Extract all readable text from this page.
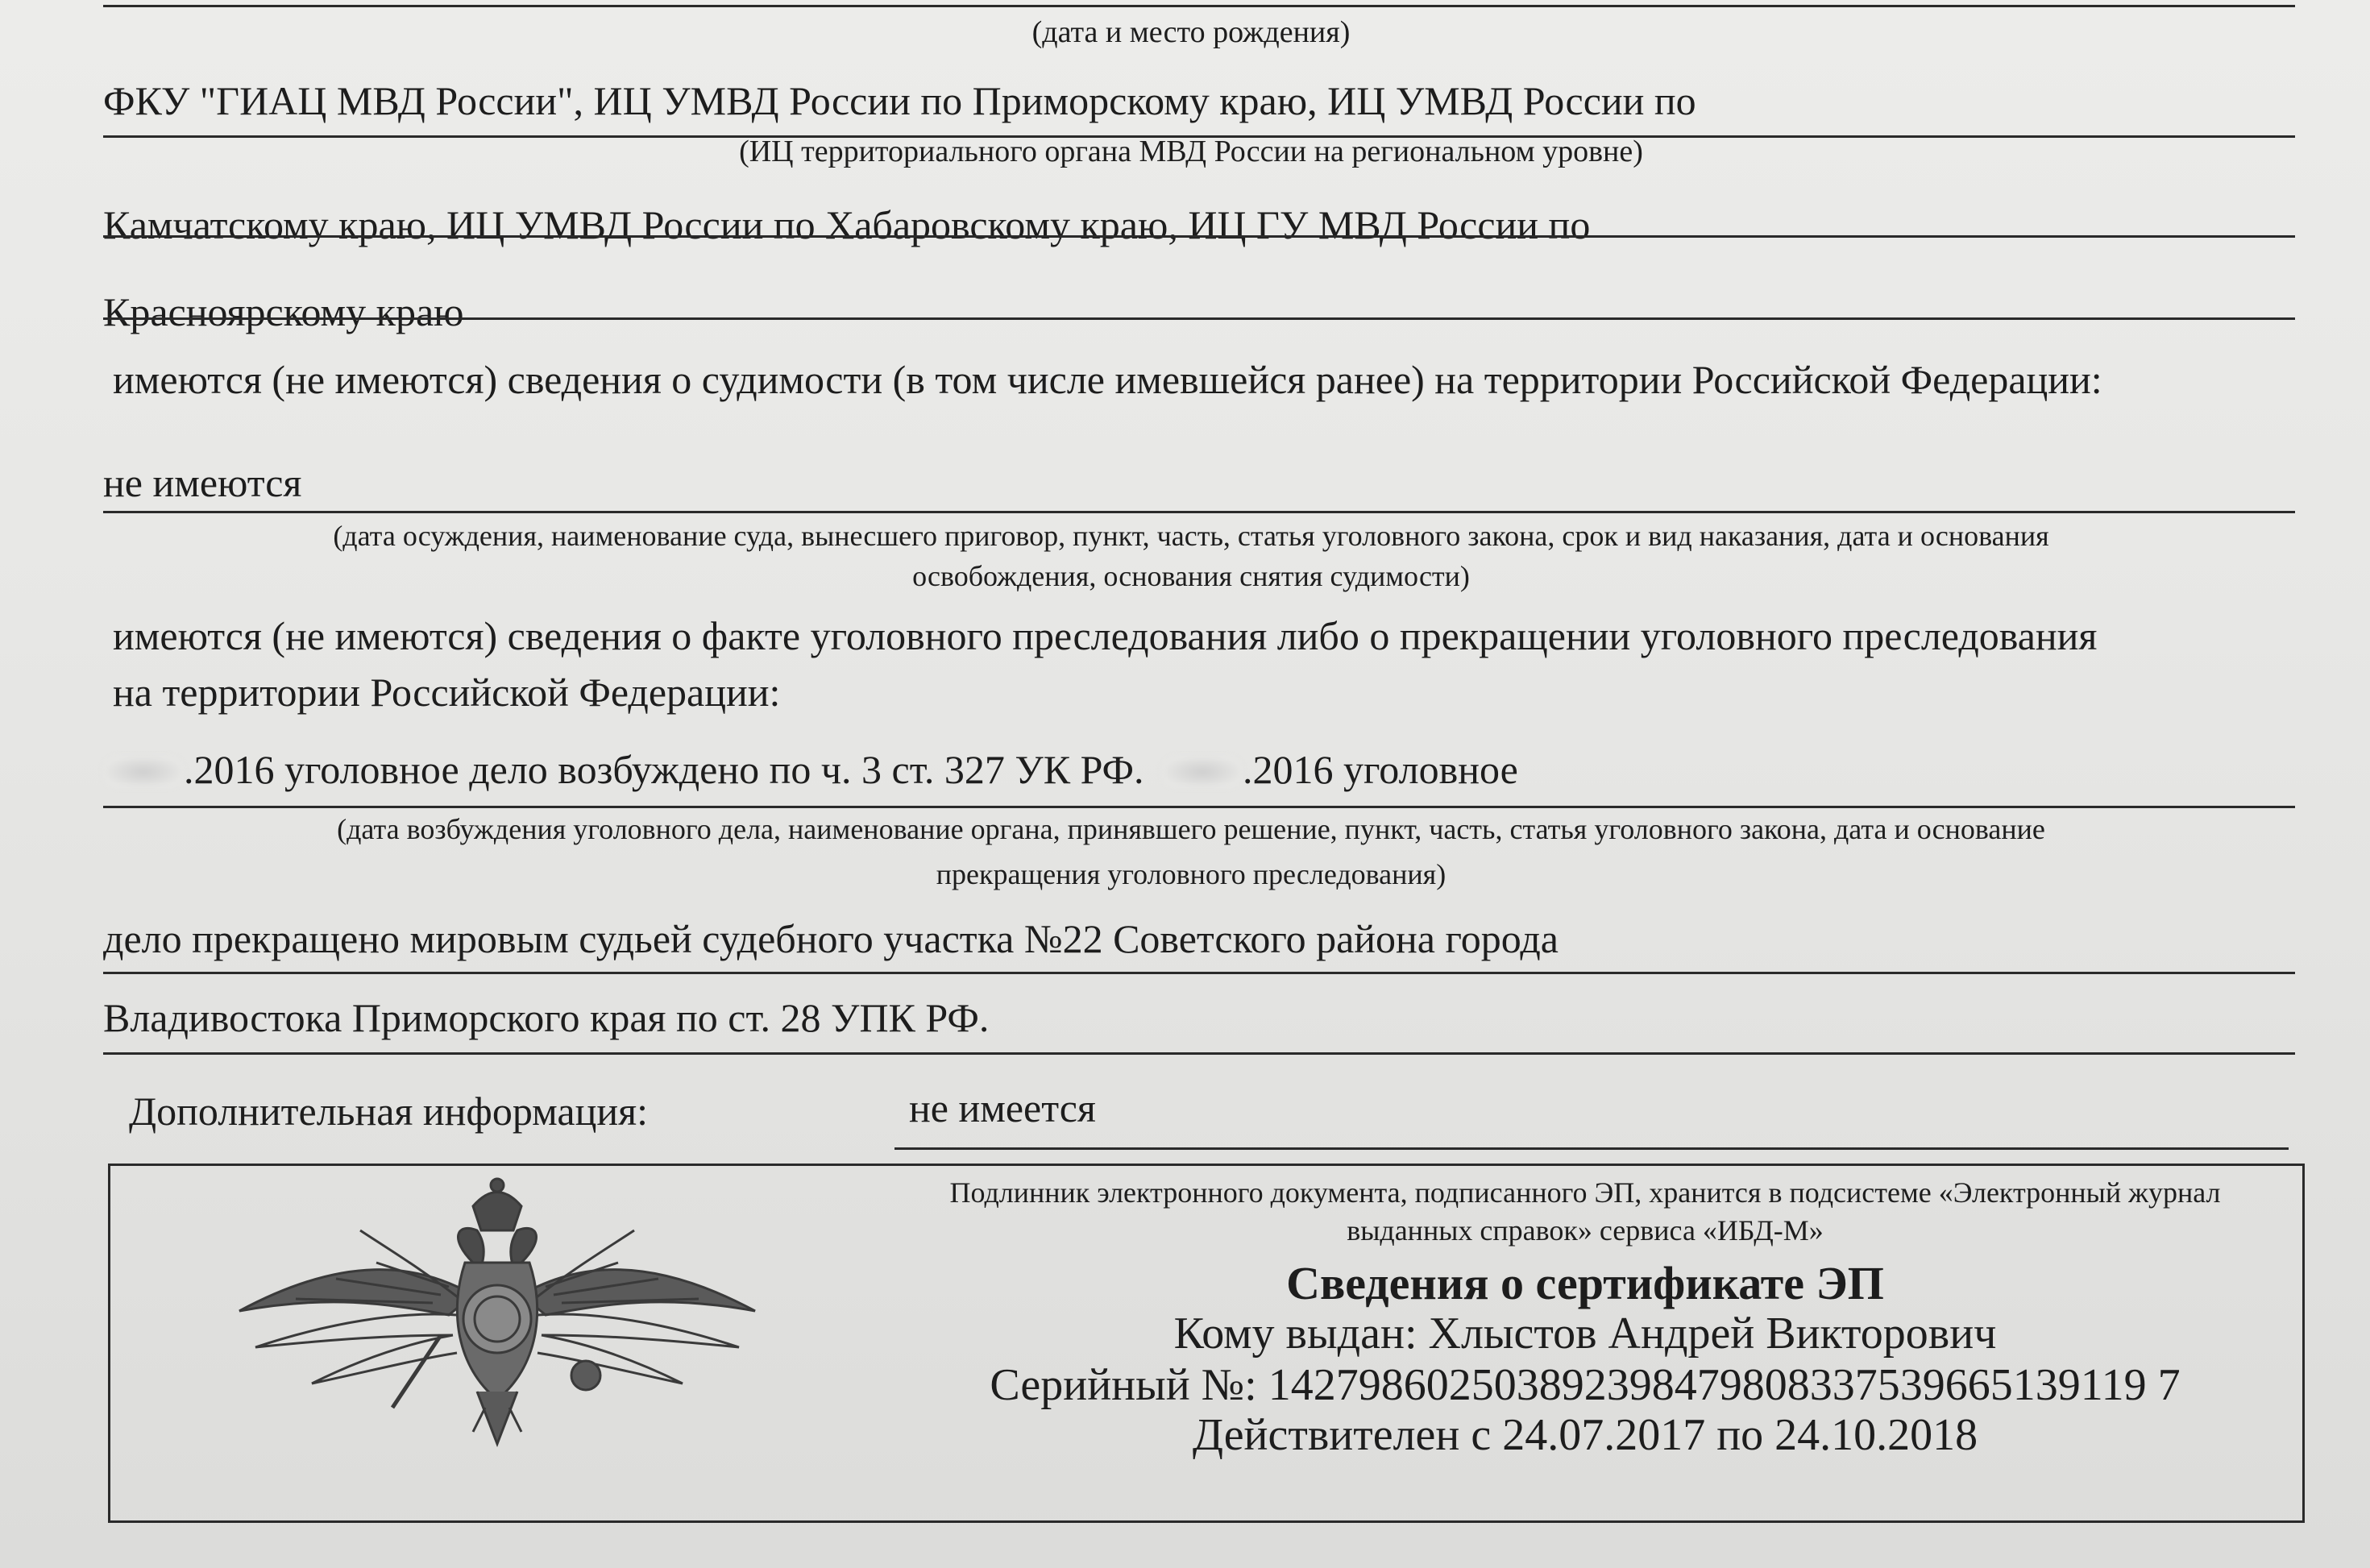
(дата и место рождения)
ФКУ "ГИАЦ МВД России", ИЦ УМВД России по Приморскому краю, ИЦ УМВД России по
(ИЦ территориального органа МВД России на региональном уровне)
Камчатскому краю, ИЦ УМВД России по Хабаровскому краю, ИЦ ГУ МВД России по
Красноярскому краю
имеются (не имеются) сведения о судимости (в том числе имевшейся ранее) на территории Российской Федерации:
не имеются
(дата осуждения, наименование суда, вынесшего приговор, пункт, часть, статья уголовного закона, срок и вид наказания, дата и основания
освобождения, основания снятия судимости)
имеются (не имеются) сведения о факте уголовного преследования либо о прекращении уголовного преследования
на территории Российской Федерации:
.2016 уголовное дело возбуждено по ч. 3 ст. 327 УК РФ. .2016 уголовное
(дата возбуждения уголовного дела, наименование органа, принявшего решение, пункт, часть, статья уголовного закона, дата и основание
прекращения уголовного преследования)
дело прекращено мировым судьей судебного участка №22 Советского района города
Владивостока Приморского края по ст. 28 УПК РФ.
Дополнительная информация:	не имеется
Подлинник электронного документа, подписанного ЭП, хранится в подсистеме «Электронный журнал
выданных справок» сервиса «ИБД-М»
Сведения о сертификате ЭП
Кому выдан: Хлыстов Андрей Викторович
Серийный №: 142798602503892398479808337539665139119 7
Действителен с 24.07.2017 по 24.10.2018
